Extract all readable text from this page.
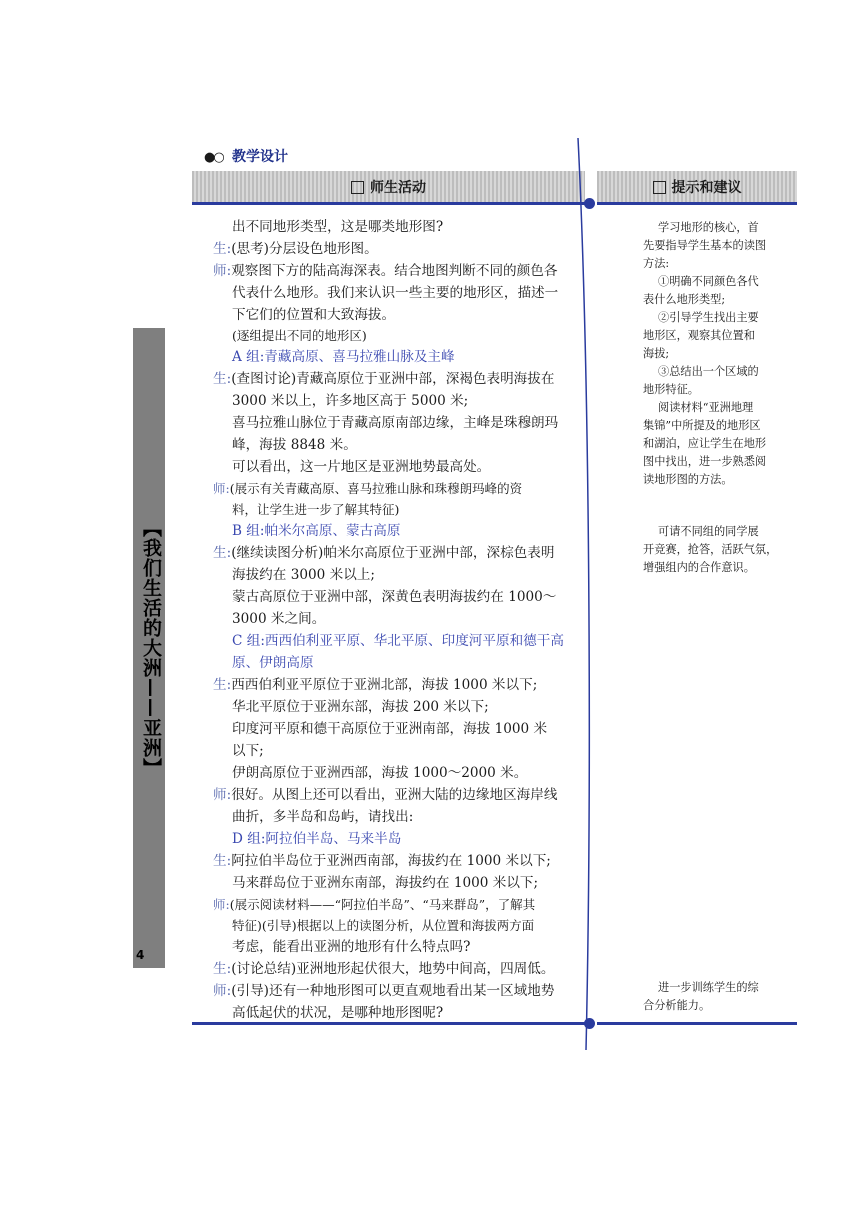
●○ 教学设计
师生活动	提示和建议
【我们生活的大洲——亚洲】
4
出不同地形类型，这是哪类地形图?
生:(思考)分层设色地形图。
师:观察图下方的陆高海深表。结合地图判断不同的颜色各
代表什么地形。我们来认识一些主要的地形区，描述一
下它们的位置和大致海拔。
(逐组提出不同的地形区)
A 组:青藏高原、喜马拉雅山脉及主峰
生:(查图讨论)青藏高原位于亚洲中部，深褐色表明海拔在
3000 米以上，许多地区高于 5000 米;
喜马拉雅山脉位于青藏高原南部边缘，主峰是珠穆朗玛
峰，海拔 8848 米。
可以看出，这一片地区是亚洲地势最高处。
师:(展示有关青藏高原、喜马拉雅山脉和珠穆朗玛峰的资
料，让学生进一步了解其特征)
B 组:帕米尔高原、蒙古高原
生:(继续读图分析)帕米尔高原位于亚洲中部，深棕色表明
海拔约在 3000 米以上;
蒙古高原位于亚洲中部，深黄色表明海拔约在 1000～
3000 米之间。
C 组:西西伯利亚平原、华北平原、印度河平原和德干高
原、伊朗高原
生:西西伯利亚平原位于亚洲北部，海拔 1000 米以下;
华北平原位于亚洲东部，海拔 200 米以下;
印度河平原和德干高原位于亚洲南部，海拔 1000 米
以下;
伊朗高原位于亚洲西部，海拔 1000～2000 米。
师:很好。从图上还可以看出，亚洲大陆的边缘地区海岸线
曲折，多半岛和岛屿，请找出:
D 组:阿拉伯半岛、马来半岛
生:阿拉伯半岛位于亚洲西南部，海拔约在 1000 米以下;
马来群岛位于亚洲东南部，海拔约在 1000 米以下;
师:(展示阅读材料——“阿拉伯半岛”、“马来群岛”，了解其
特征)(引导)根据以上的读图分析，从位置和海拔两方面
考虑，能看出亚洲的地形有什么特点吗?
生:(讨论总结)亚洲地形起伏很大，地势中间高，四周低。
师:(引导)还有一种地形图可以更直观地看出某一区域地势
高低起伏的状况，是哪种地形图呢?
学习地形的核心，首
先要指导学生基本的读图
方法:
①明确不同颜色各代
表什么地形类型;
②引导学生找出主要
地形区，观察其位置和
海拔;
③总结出一个区域的
地形特征。
阅读材料“亚洲地理
集锦”中所提及的地形区
和湖泊，应让学生在地形
图中找出，进一步熟悉阅
读地形图的方法。
可请不同组的同学展
开竞赛，抢答，活跃气氛，
增强组内的合作意识。
进一步训练学生的综
合分析能力。
